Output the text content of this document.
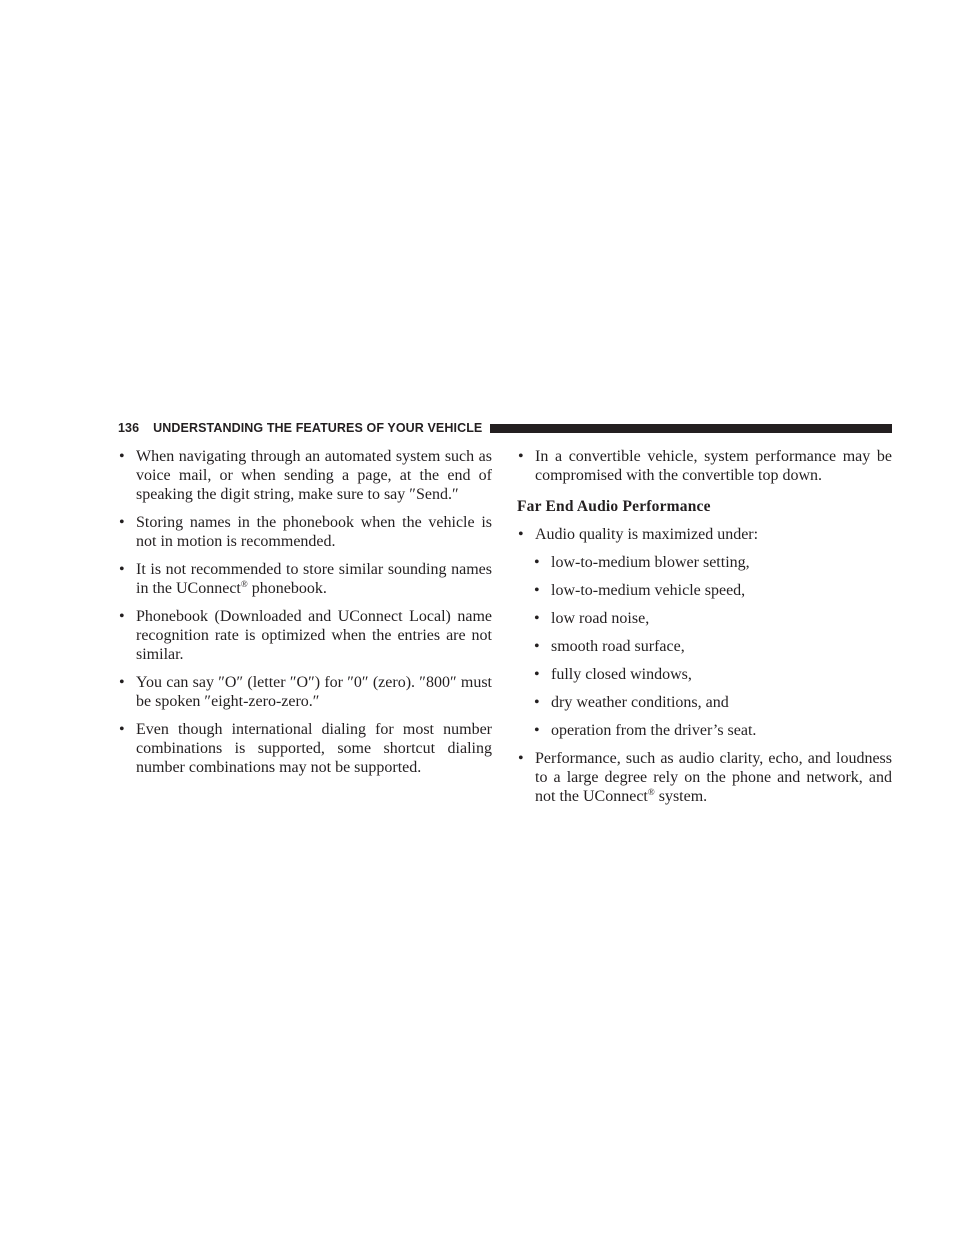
136 UNDERSTANDING THE FEATURES OF YOUR VEHICLE
• When navigating through an automated system such as voice mail, or when sending a page, at the end of speaking the digit string, make sure to say ″Send.″
• Storing names in the phonebook when the vehicle is not in motion is recommended.
• It is not recommended to store similar sounding names in the UConnect® phonebook.
• Phonebook (Downloaded and UConnect Local) name recognition rate is optimized when the entries are not similar.
• You can say ″O″ (letter ″O″) for ″0″ (zero). ″800″ must be spoken ″eight-zero-zero.″
• Even though international dialing for most number combinations is supported, some shortcut dialing number combinations may not be supported.
• In a convertible vehicle, system performance may be compromised with the convertible top down.
Far End Audio Performance
• Audio quality is maximized under:
• low-to-medium blower setting,
• low-to-medium vehicle speed,
• low road noise,
• smooth road surface,
• fully closed windows,
• dry weather conditions, and
• operation from the driver’s seat.
• Performance, such as audio clarity, echo, and loudness to a large degree rely on the phone and network, and not the UConnect® system.
